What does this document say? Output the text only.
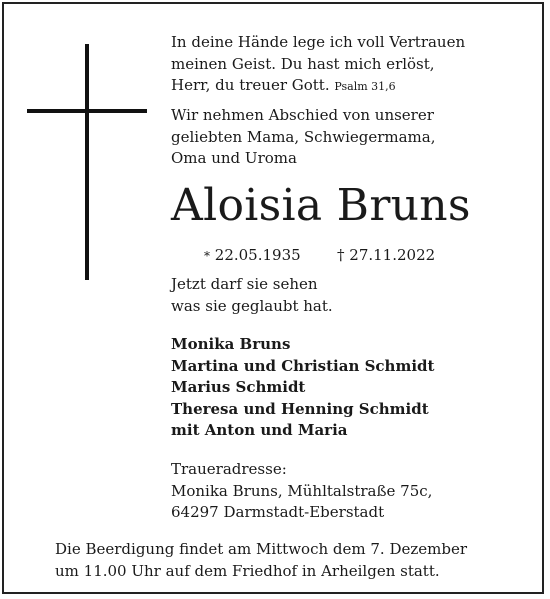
In deine Hände lege ich voll Vertrauen
meinen Geist. Du hast mich erlöst,
Herr, du treuer Gott. Psalm 31,6

Wir nehmen Abschied von unserer
geliebten Mama, Schwiegermama,
Oma und Uroma

Aloisia Bruns
* 22.05.1935 † 27.11.2022

Jetzt darf sie sehen
was sie geglaubt hat.

Monika Bruns
Martina und Christian Schmidt
Marius Schmidt
Theresa und Henning Schmidt
mit Anton und Maria

Traueradresse:
Monika Bruns, Mühltalstraße 75c,
64297 Darmstadt-Eberstadt

Die Beerdigung findet am Mittwoch dem 7. Dezember
um 11.00 Uhr auf dem Friedhof in Arheilgen statt.
